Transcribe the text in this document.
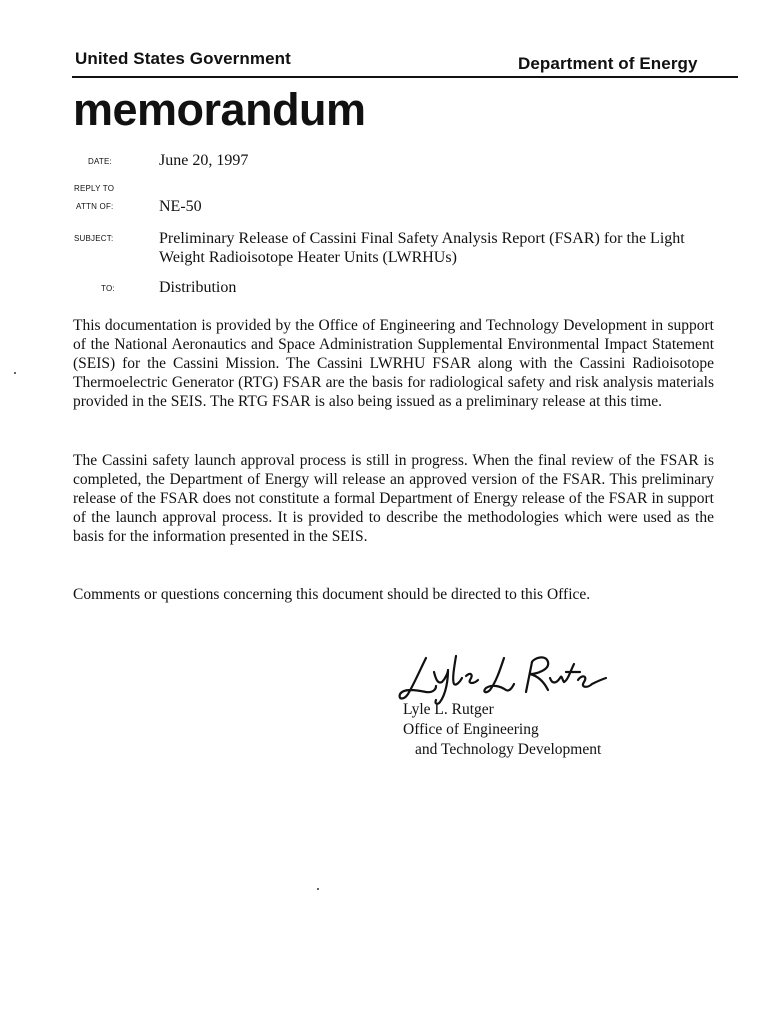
United States Government	Department of Energy
memorandum
DATE:	June 20, 1997
REPLY TO
ATTN OF:	NE-50
SUBJECT:	Preliminary Release of Cassini Final Safety Analysis Report (FSAR) for the Light Weight Radioisotope Heater Units (LWRHUs)
TO:	Distribution
This documentation is provided by the Office of Engineering and Technology Development in support of the National Aeronautics and Space Administration Supplemental Environmental Impact Statement (SEIS) for the Cassini Mission. The Cassini LWRHU FSAR along with the Cassini Radioisotope Thermoelectric Generator (RTG) FSAR are the basis for radiological safety and risk analysis materials provided in the SEIS. The RTG FSAR is also being issued as a preliminary release at this time.
The Cassini safety launch approval process is still in progress. When the final review of the FSAR is completed, the Department of Energy will release an approved version of the FSAR. This preliminary release of the FSAR does not constitute a formal Department of Energy release of the FSAR in support of the launch approval process. It is provided to describe the methodologies which were used as the basis for the information presented in the SEIS.
Comments or questions concerning this document should be directed to this Office.
Lyle L. Rutger
Office of Engineering
and Technology Development
